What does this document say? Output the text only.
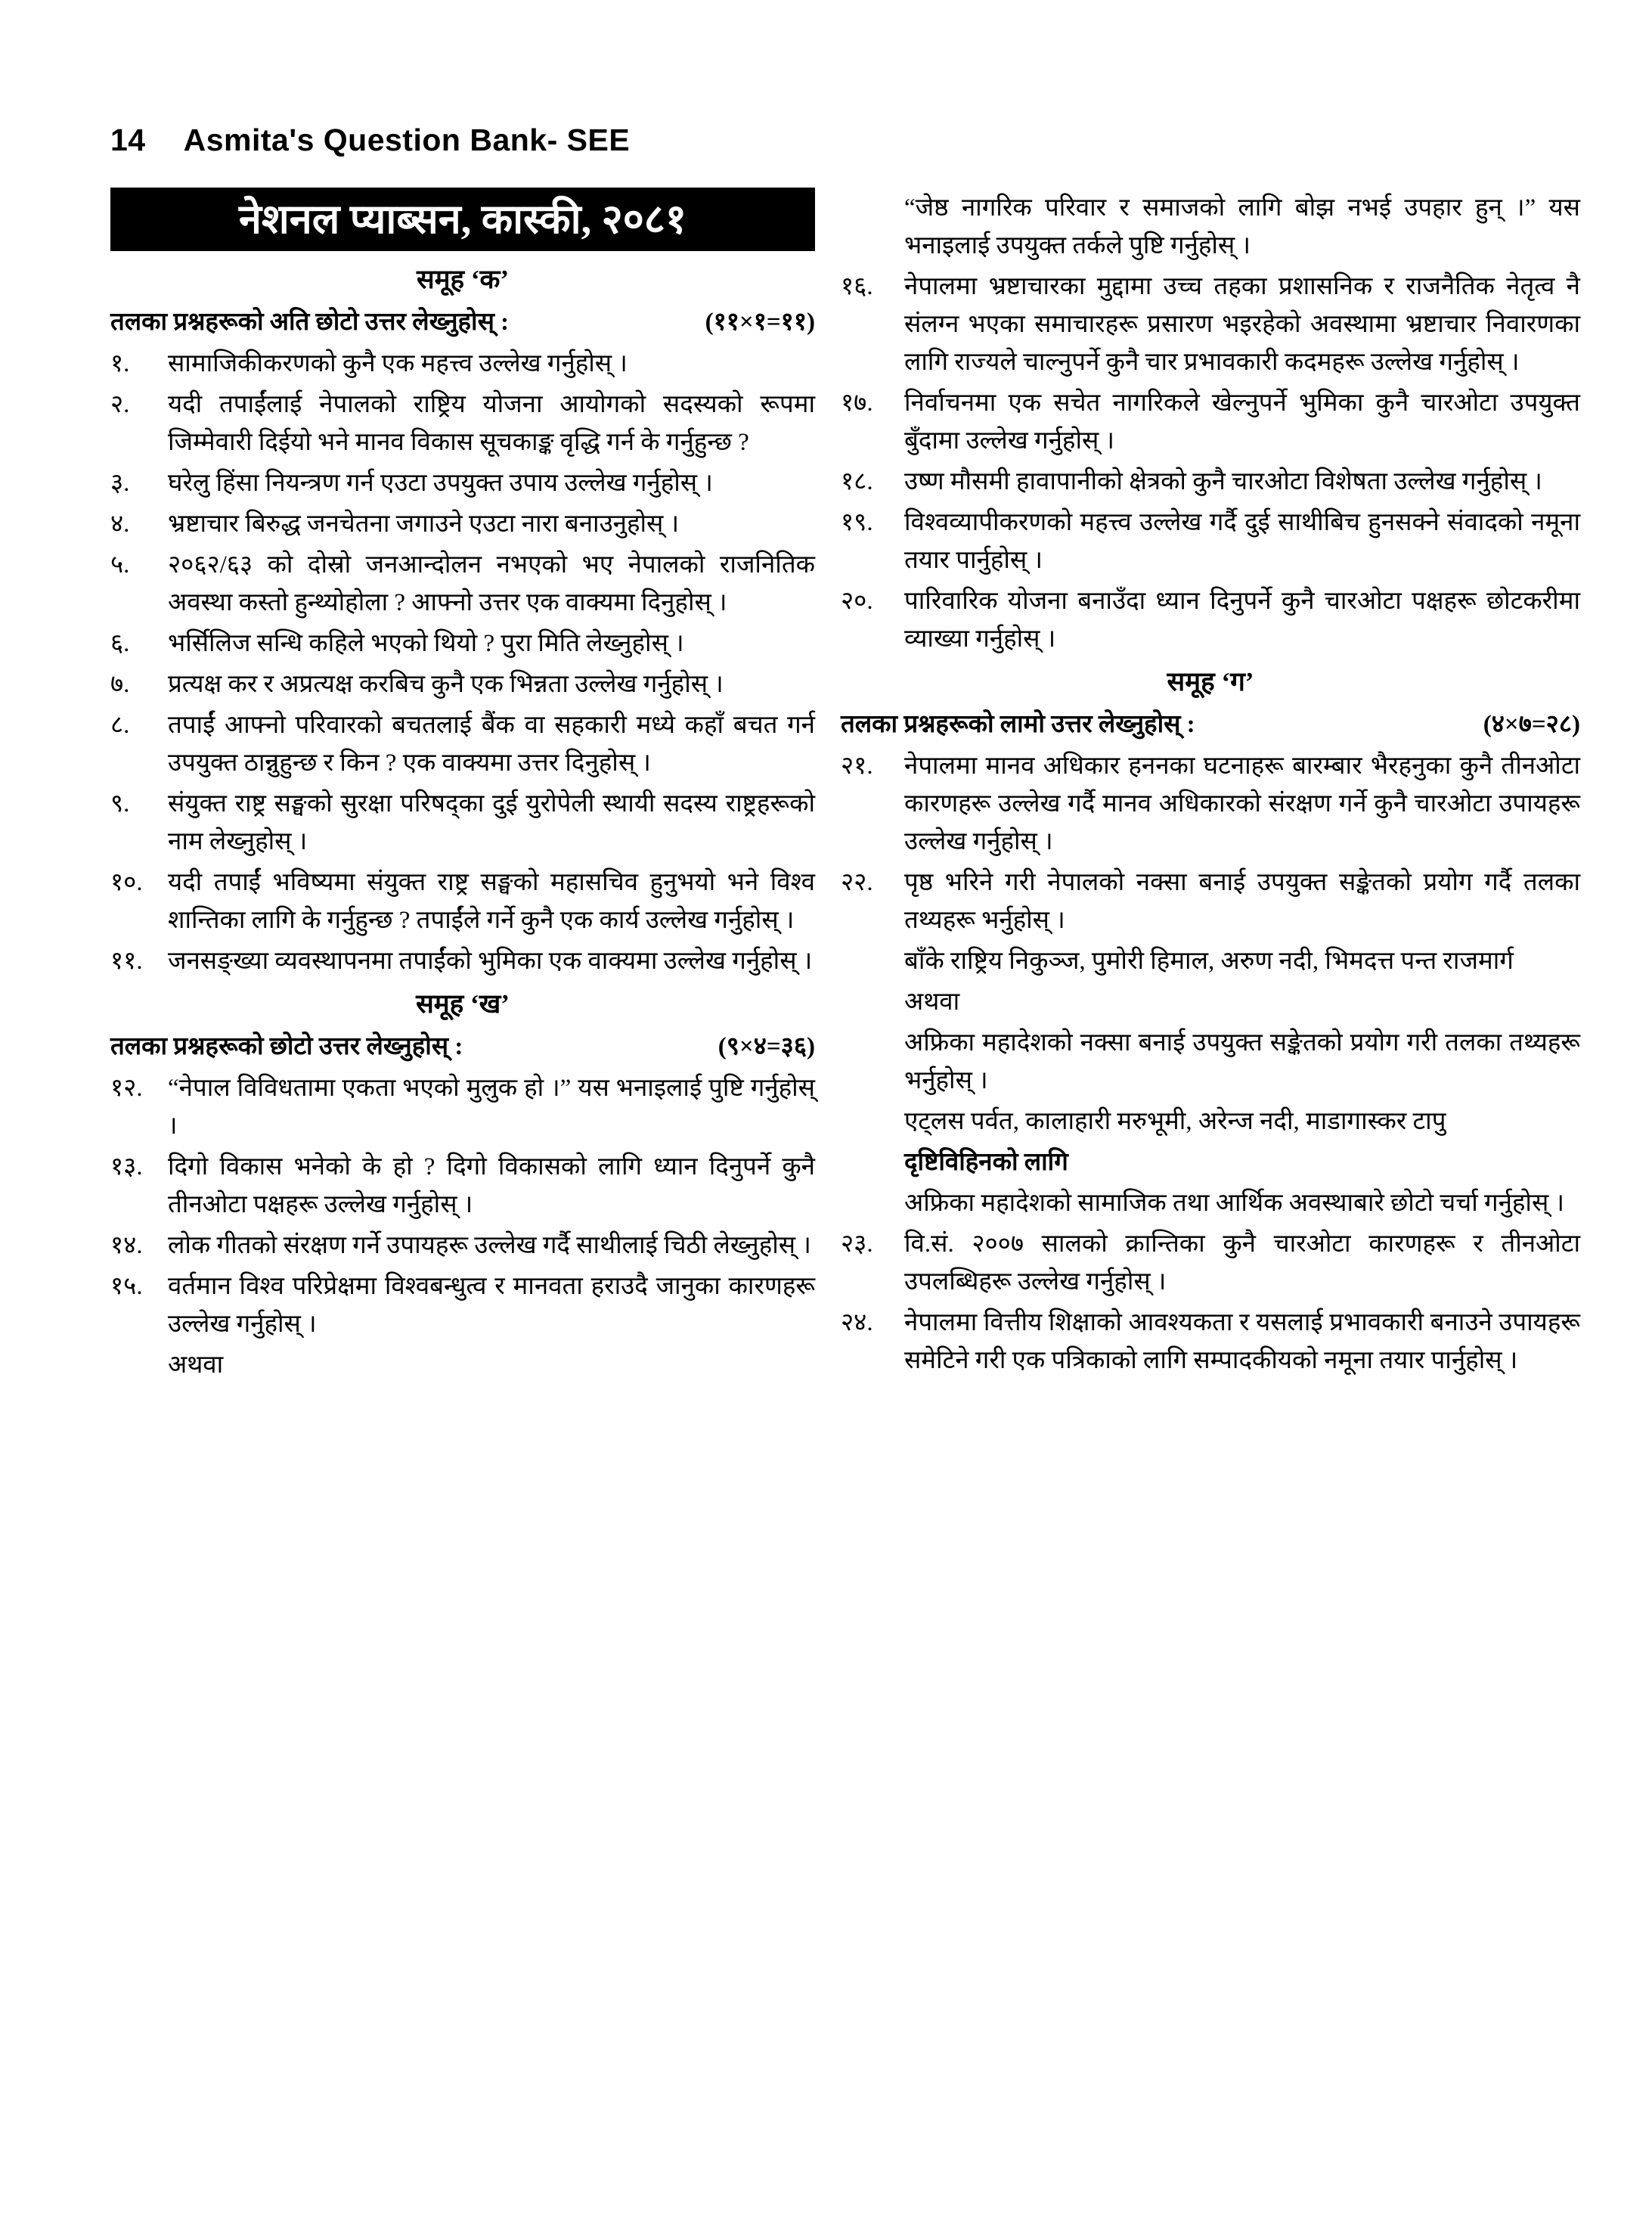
14 Asmita's Question Bank- SEE
नेशनल प्याब्सन, कास्की, २०८१
समूह ‘क’
तलका प्रश्नहरूको अति छोटो उत्तर लेख्नुहोस् :	(११×१=११)
१.	सामाजिकीकरणको कुनै एक महत्त्व उल्लेख गर्नुहोस् ।
२.	यदी तपाईंलाई नेपालको राष्ट्रिय योजना आयोगको सदस्यको रूपमा जिम्मेवारी दिईयो भने मानव विकास सूचकाङ्क वृद्धि गर्न के गर्नुहुन्छ ?
३.	घरेलु हिंसा नियन्त्रण गर्न एउटा उपयुक्त उपाय उल्लेख गर्नुहोस् ।
४.	भ्रष्टाचार बिरुद्ध जनचेतना जगाउने एउटा नारा बनाउनुहोस् ।
५.	२०६२/६३ को दोस्रो जनआन्दोलन नभएको भए नेपालको राजनितिक अवस्था कस्तो हुन्थ्योहोला ? आफ्नो उत्तर एक वाक्यमा दिनुहोस् ।
६.	भर्सिलिज सन्धि कहिले भएको थियो ? पुरा मिति लेख्नुहोस् ।
७.	प्रत्यक्ष कर र अप्रत्यक्ष करबिच कुनै एक भिन्नता उल्लेख गर्नुहोस् ।
८.	तपाईं आफ्नो परिवारको बचतलाई बैंक वा सहकारी मध्ये कहाँ बचत गर्न उपयुक्त ठान्नुहुन्छ र किन ? एक वाक्यमा उत्तर दिनुहोस् ।
९.	संयुक्त राष्ट्र सङ्घको सुरक्षा परिषद्का दुई युरोपेली स्थायी सदस्य राष्ट्रहरूको नाम लेख्नुहोस् ।
१०.	यदी तपाईं भविष्यमा संयुक्त राष्ट्र सङ्घको महासचिव हुनुभयो भने विश्व शान्तिका लागि के गर्नुहुन्छ ? तपाईंले गर्ने कुनै एक कार्य उल्लेख गर्नुहोस् ।
११.	जनसङ्ख्या व्यवस्थापनमा तपाईंको भुमिका एक वाक्यमा उल्लेख गर्नुहोस् ।
समूह ‘ख’
तलका प्रश्नहरूको छोटो उत्तर लेख्नुहोस् :	(९×४=३६)
१२.	“नेपाल विविधतामा एकता भएको मुलुक हो ।” यस भनाइलाई पुष्टि गर्नुहोस् ।
१३.	दिगो विकास भनेको के हो ? दिगो विकासको लागि ध्यान दिनुपर्ने कुनै तीनओटा पक्षहरू उल्लेख गर्नुहोस् ।
१४.	लोक गीतको संरक्षण गर्ने उपायहरू उल्लेख गर्दै साथीलाई चिठी लेख्नुहोस् ।
१५.	वर्तमान विश्व परिप्रेक्षमा विश्वबन्धुत्व र मानवता हराउदै जानुका कारणहरू उल्लेख गर्नुहोस् ।
अथवा
“जेष्ठ नागरिक परिवार र समाजको लागि बोझ नभई उपहार हुन् ।” यस भनाइलाई उपयुक्त तर्कले पुष्टि गर्नुहोस् ।
१६.	नेपालमा भ्रष्टाचारका मुद्दामा उच्च तहका प्रशासनिक र राजनैतिक नेतृत्व नै संलग्न भएका समाचारहरू प्रसारण भइरहेको अवस्थामा भ्रष्टाचार निवारणका लागि राज्यले चाल्नुपर्ने कुनै चार प्रभावकारी कदमहरू उल्लेख गर्नुहोस् ।
१७.	निर्वाचनमा एक सचेत नागरिकले खेल्नुपर्ने भुमिका कुनै चारओटा उपयुक्त बुँदामा उल्लेख गर्नुहोस् ।
१८.	उष्ण मौसमी हावापानीको क्षेत्रको कुनै चारओटा विशेषता उल्लेख गर्नुहोस् ।
१९.	विश्वव्यापीकरणको महत्त्व उल्लेख गर्दै दुई साथीबिच हुनसक्ने संवादको नमूना तयार पार्नुहोस् ।
२०.	पारिवारिक योजना बनाउँदा ध्यान दिनुपर्ने कुनै चारओटा पक्षहरू छोटकरीमा व्याख्या गर्नुहोस् ।
समूह ‘ग’
तलका प्रश्नहरूको लामो उत्तर लेख्नुहोस् :	(४×७=२८)
२१.	नेपालमा मानव अधिकार हननका घटनाहरू बारम्बार भैरहनुका कुनै तीनओटा कारणहरू उल्लेख गर्दै मानव अधिकारको संरक्षण गर्ने कुनै चारओटा उपायहरू उल्लेख गर्नुहोस् ।
२२.	पृष्ठ भरिने गरी नेपालको नक्सा बनाई उपयुक्त सङ्केतको प्रयोग गर्दै तलका तथ्यहरू भर्नुहोस् ।
बाँके राष्ट्रिय निकुञ्ज, पुमोरी हिमाल, अरुण नदी, भिमदत्त पन्त राजमार्ग
अथवा
अफ्रिका महादेशको नक्सा बनाई उपयुक्त सङ्केतको प्रयोग गरी तलका तथ्यहरू भर्नुहोस् ।
एट्लस पर्वत, कालाहारी मरुभूमी, अरेन्ज नदी, माडागास्कर टापु
दृष्टिविहिनको लागि
अफ्रिका महादेशको सामाजिक तथा आर्थिक अवस्थाबारे छोटो चर्चा गर्नुहोस् ।
२३.	वि.सं. २००७ सालको क्रान्तिका कुनै चारओटा कारणहरू र तीनओटा उपलब्धिहरू उल्लेख गर्नुहोस् ।
२४.	नेपालमा वित्तीय शिक्षाको आवश्यकता र यसलाई प्रभावकारी बनाउने उपायहरू समेटिने गरी एक पत्रिकाको लागि सम्पादकीयको नमूना तयार पार्नुहोस् ।
